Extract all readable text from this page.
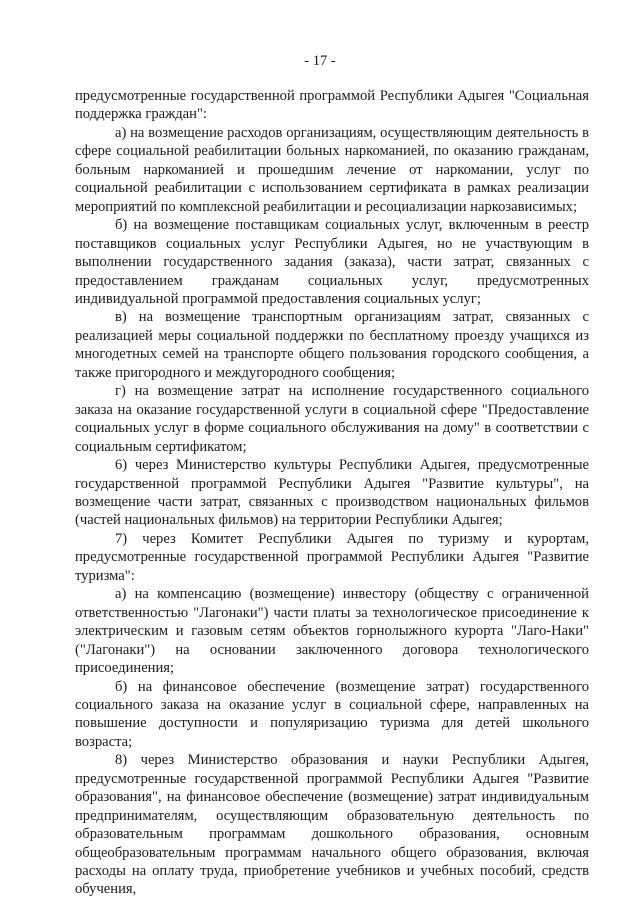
- 17 -

предусмотренные государственной программой Республики Адыгея "Социальная поддержка граждан":

а) на возмещение расходов организациям, осуществляющим деятельность в сфере социальной реабилитации больных наркоманией, по оказанию гражданам, больным наркоманией и прошедшим лечение от наркомании, услуг по социальной реабилитации с использованием сертификата в рамках реализации мероприятий по комплексной реабилитации и ресоциализации наркозависимых;

б) на возмещение поставщикам социальных услуг, включенным в реестр поставщиков социальных услуг Республики Адыгея, но не участвующим в выполнении государственного задания (заказа), части затрат, связанных с предоставлением гражданам социальных услуг, предусмотренных индивидуальной программой предоставления социальных услуг;

в) на возмещение транспортным организациям затрат, связанных с реализацией меры социальной поддержки по бесплатному проезду учащихся из многодетных семей на транспорте общего пользования городского сообщения, а также пригородного и междугородного сообщения;

г) на возмещение затрат на исполнение государственного социального заказа на оказание государственной услуги в социальной сфере "Предоставление социальных услуг в форме социального обслуживания на дому" в соответствии с социальным сертификатом;

6) через Министерство культуры Республики Адыгея, предусмотренные государственной программой Республики Адыгея "Развитие культуры", на возмещение части затрат, связанных с производством национальных фильмов (частей национальных фильмов) на территории Республики Адыгея;

7) через Комитет Республики Адыгея по туризму и курортам, предусмотренные государственной программой Республики Адыгея "Развитие туризма":

а) на компенсацию (возмещение) инвестору (обществу с ограниченной ответственностью "Лагонаки") части платы за технологическое присоединение к электрическим и газовым сетям объектов горнолыжного курорта "Лаго-Наки" ("Лагонаки") на основании заключенного договора технологического присоединения;

б) на финансовое обеспечение (возмещение затрат) государственного социального заказа на оказание услуг в социальной сфере, направленных на повышение доступности и популяризацию туризма для детей школьного возраста;

8) через Министерство образования и науки Республики Адыгея, предусмотренные государственной программой Республики Адыгея "Развитие образования", на финансовое обеспечение (возмещение) затрат индивидуальным предпринимателям, осуществляющим образовательную деятельность по образовательным программам дошкольного образования, основным общеобразовательным программам начального общего образования, включая расходы на оплату труда, приобретение учебников и учебных пособий, средств обучения,
